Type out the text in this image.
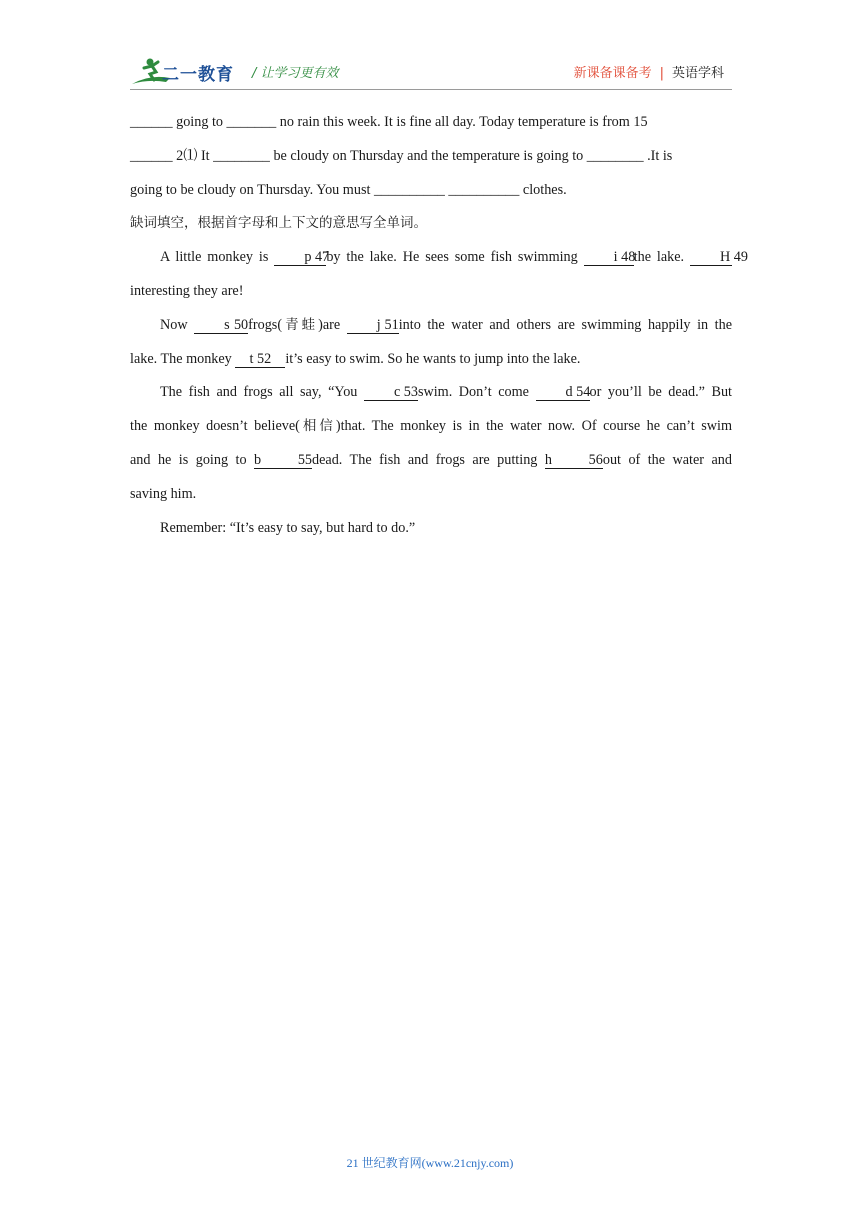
二一教育 / 让学习更有效	新课备课备考 | 英语学科
______ going to _______ no rain this week. It is fine all day. Today temperature is from 15
______ 2⑴ It ________ be cloudy on Thursday and the temperature is going to ________ .It is
going to be cloudy on Thursday. You must __________ __________ clothes.
缺词填空，根据首字母和上下文的意思写全单词。
A little monkey is p 47by the lake. He sees some fish swimming i 48the lake. H 49
interesting they are!
Now s 50frogs(青蛙)are j 51into the water and others are swimming happily in the
lake. The monkey t 52 it’s easy to swim. So he wants to jump into the lake.
The fish and frogs all say, “You c 53swim. Don’t come d 54or you’ll be dead.” But
the monkey doesn’t believe(相信)that. The monkey is in the water now. Of course he can’t swim
and he is going to b 55dead. The fish and frogs are putting h 56out of the water and
saving him.
Remember: “It’s easy to say, but hard to do.”
21 世纪教育网(www.21cnjy.com)
